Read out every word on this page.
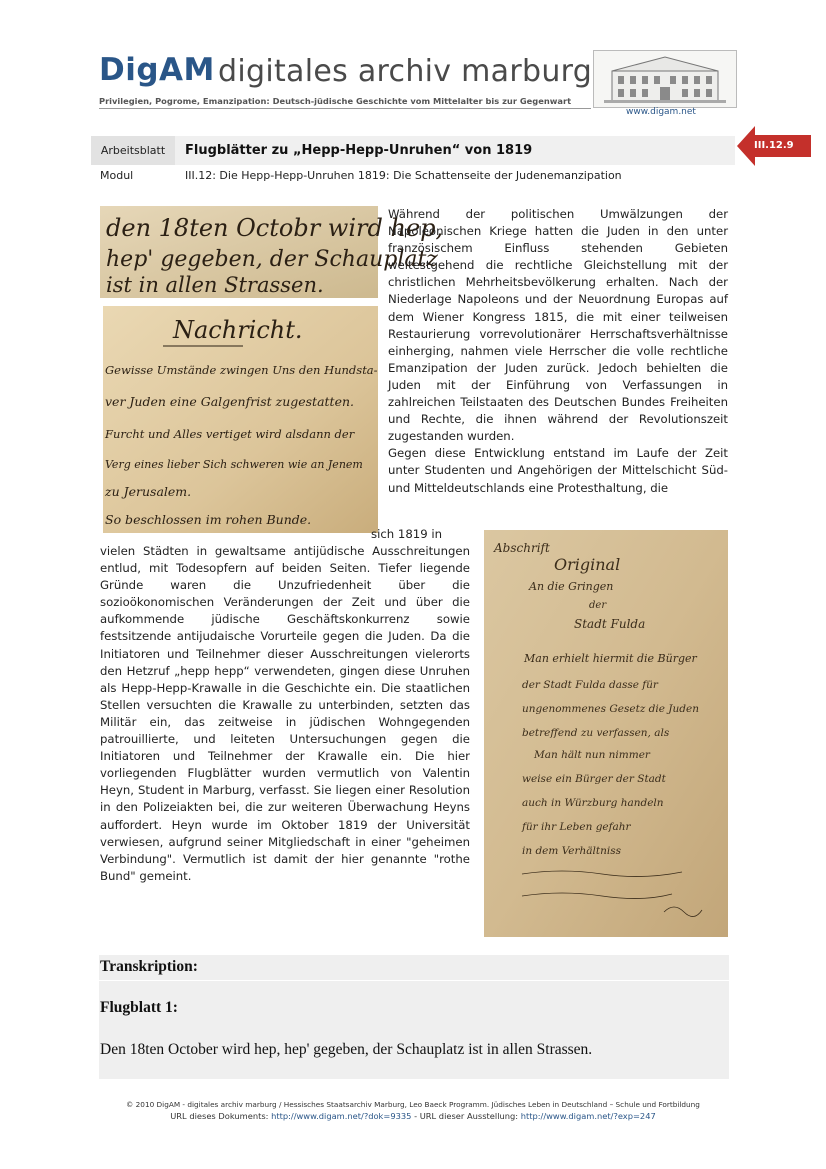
DigAM digitales archiv marburg
Privilegien, Pogrome, Emanzipation: Deutsch-jüdische Geschichte vom Mittelalter bis zur Gegenwart
www.digam.net
III.12.9
Arbeitsblatt	Flugblätter zu „Hepp-Hepp-Unruhen“ von 1819
Modul	III.12: Die Hepp-Hepp-Unruhen 1819: Die Schattenseite der Judenemanzipation
den 18ten Octobr wird hep,
hep' gegeben, der Schauplatz
ist in allen Strassen.
Nachricht.
Gewisse Umstände zwingen Uns den Hundsta-
ver Juden eine Galgenfrist zugestatten.
Furcht und Alles vertiget wird alsdann der
Verg eines lieber Sich schweren wie an Jenem
zu Jerusalem.
So beschlossen im rohen Bunde.
Abschrift
Original
An die Gringen
der
Stadt Fulda
Man erhielt hiermit die Bürger
der Stadt Fulda dasse für
ungenommenes Gesetz die Juden
betreffend zu verfassen, als
Man hält nun nimmer
weise ein Bürger der Stadt
auch in Würzburg handeln
für ihr Leben gefahr
in dem Verhältniss
Während der politischen Umwälzungen der Napoleonischen Kriege hatten die Juden in den unter französischem Einfluss stehenden Gebieten weitestgehend die rechtliche Gleichstellung mit der christlichen Mehrheitsbevölkerung erhalten. Nach der Niederlage Napoleons und der Neuordnung Europas auf dem Wiener Kongress 1815, die mit einer teilweisen Restaurierung vorrevolutionärer Herrschaftsverhältnisse einherging, nahmen viele Herrscher die volle rechtliche Emanzipation der Juden zurück. Jedoch behielten die Juden mit der Einführung von Verfassungen in zahlreichen Teilstaaten des Deutschen Bundes Freiheiten und Rechte, die ihnen während der Revolutionszeit zugestanden wurden.
Gegen diese Entwicklung entstand im Laufe der Zeit unter Studenten und Angehörigen der Mittelschicht Süd- und Mitteldeutschlands eine Protesthaltung, die
sich 1819 in
vielen Städten in gewaltsame antijüdische Ausschreitungen entlud, mit Todesopfern auf beiden Seiten. Tiefer liegende Gründe waren die Unzufriedenheit über die sozioökonomischen Veränderungen der Zeit und über die aufkommende jüdische Geschäftskonkurrenz sowie festsitzende antijudaische Vorurteile gegen die Juden. Da die Initiatoren und Teilnehmer dieser Ausschreitungen vielerorts den Hetzruf „hepp hepp“ verwendeten, gingen diese Unruhen als Hepp-Hepp-Krawalle in die Geschichte ein. Die staatlichen Stellen versuchten die Krawalle zu unterbinden, setzten das Militär ein, das zeitweise in jüdischen Wohngegenden patrouillierte, und leiteten Untersuchungen gegen die Initiatoren und Teilnehmer der Krawalle ein. Die hier vorliegenden Flugblätter wurden vermutlich von Valentin Heyn, Student in Marburg, verfasst. Sie liegen einer Resolution in den Polizeiakten bei, die zur weiteren Überwachung Heyns auffordert. Heyn wurde im Oktober 1819 der Universität verwiesen, aufgrund seiner Mitgliedschaft in einer "geheimen Verbindung". Vermutlich ist damit der hier genannte "rothe Bund" gemeint.
Transkription:
Flugblatt 1:
Den 18ten October wird hep, hep' gegeben, der Schauplatz ist in allen Strassen.
© 2010 DigAM - digitales archiv marburg / Hessisches Staatsarchiv Marburg, Leo Baeck Programm. Jüdisches Leben in Deutschland – Schule und Fortbildung
URL dieses Dokuments: http://www.digam.net/?dok=9335 - URL dieser Ausstellung: http://www.digam.net/?exp=247
